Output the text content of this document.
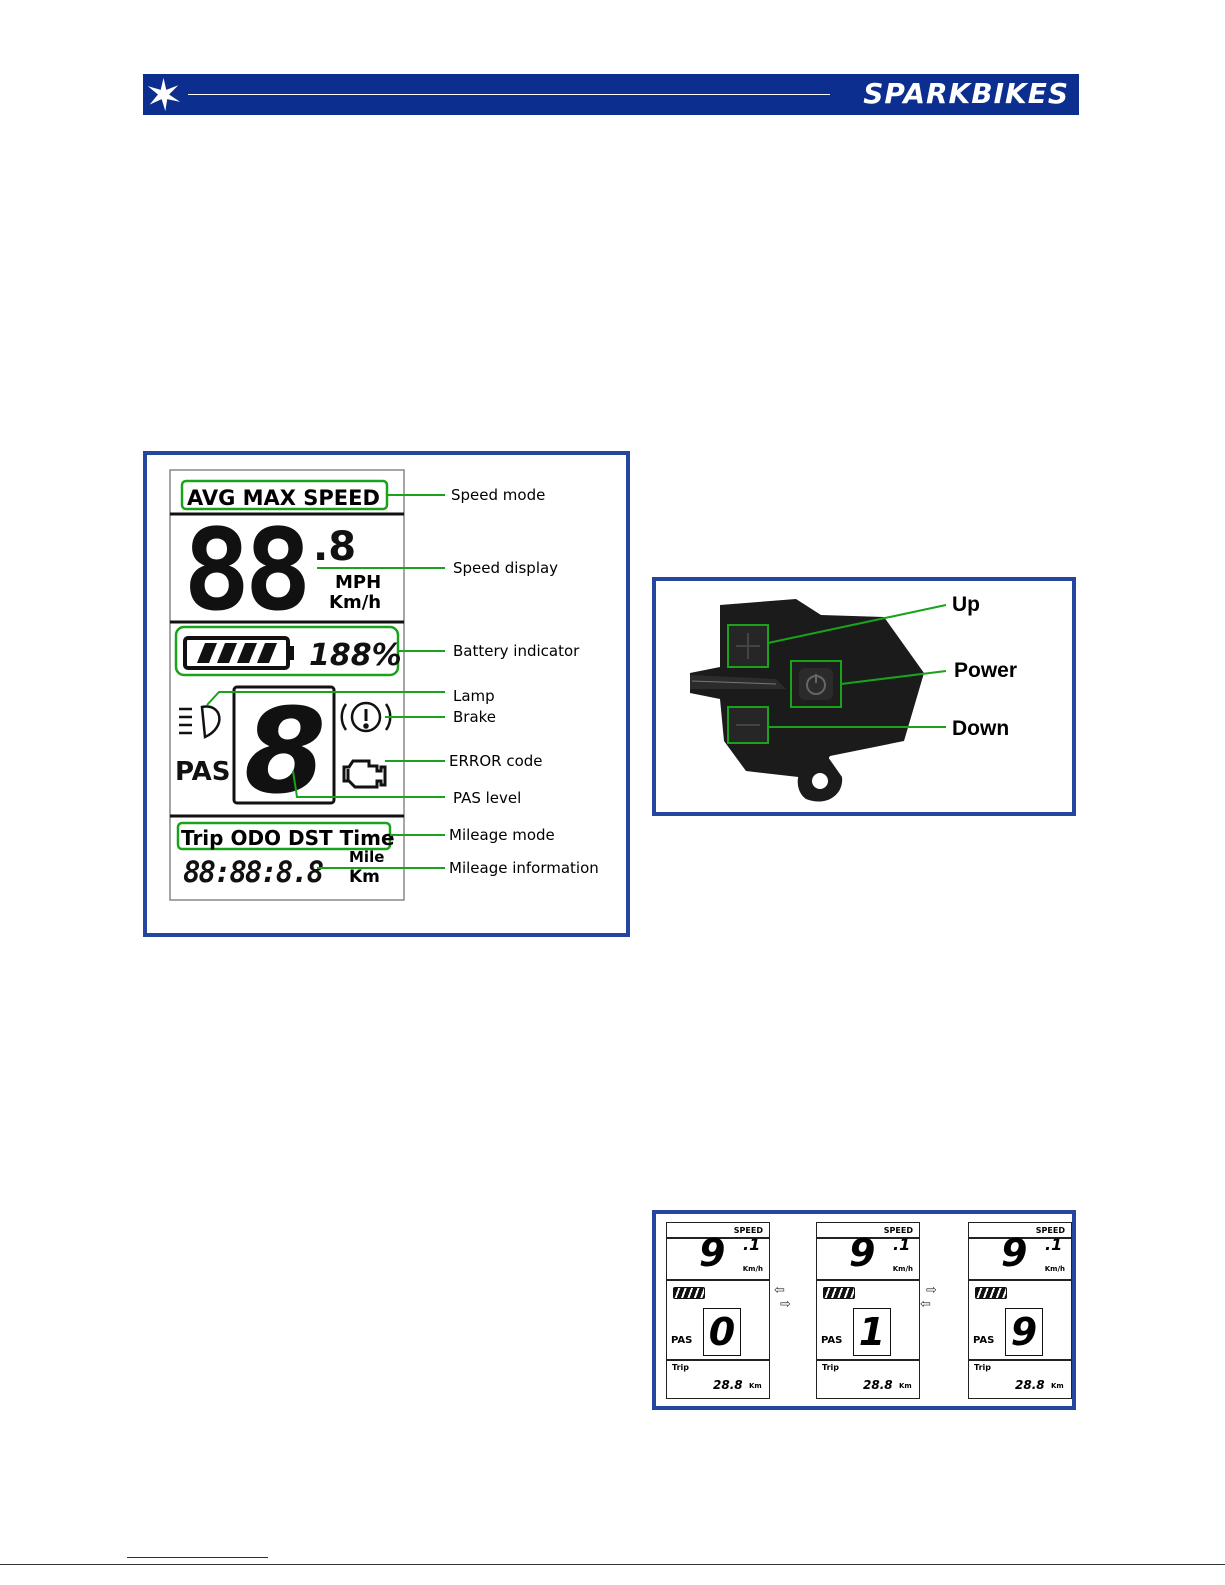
SPARKBIKES
AVG MAX SPEED
88 .8
MPH
Km/h
188%
PAS 8
Trip ODO DST Time
88:88:8.8 Mile
Km
Speed mode
Speed display
Battery indicator
Lamp
Brake
ERROR code
PAS level
Mileage mode
Mileage information
Up
Power
Down
SPEED
9 .1
Km/h
0
PAS
Trip
28.8 Km
⇦
⇨
SPEED
9 .1
Km/h
1
PAS
Trip
28.8 Km
⇨
⇦
SPEED
9 .1
Km/h
9
PAS
Trip
28.8 Km
